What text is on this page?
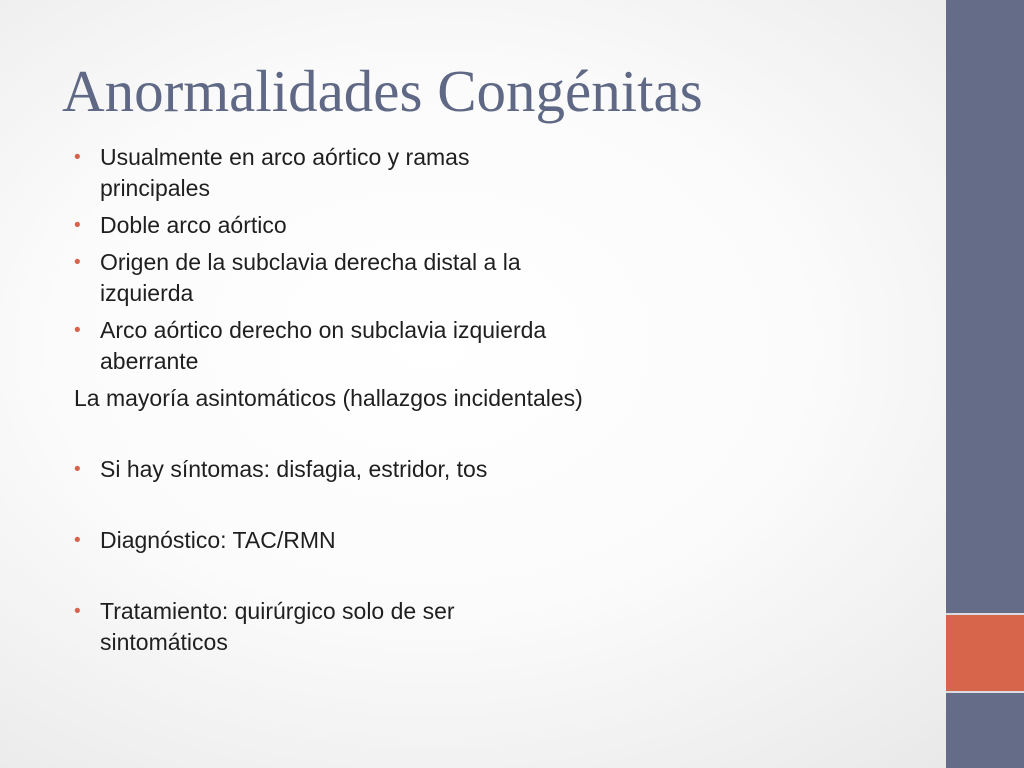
Anormalidades Congénitas

• Usualmente en arco aórtico y ramas
principales

• Doble arco aórtico

• Origen de la subclavia derecha distal a la
izquierda

• Arco aórtico derecho on subclavia izquierda
aberrante

La mayoría asintomáticos (hallazgos incidentales)

• Si hay síntomas: disfagia, estridor, tos

• Diagnóstico: TAC/RMN

• Tratamiento: quirúrgico solo de ser
sintomáticos
